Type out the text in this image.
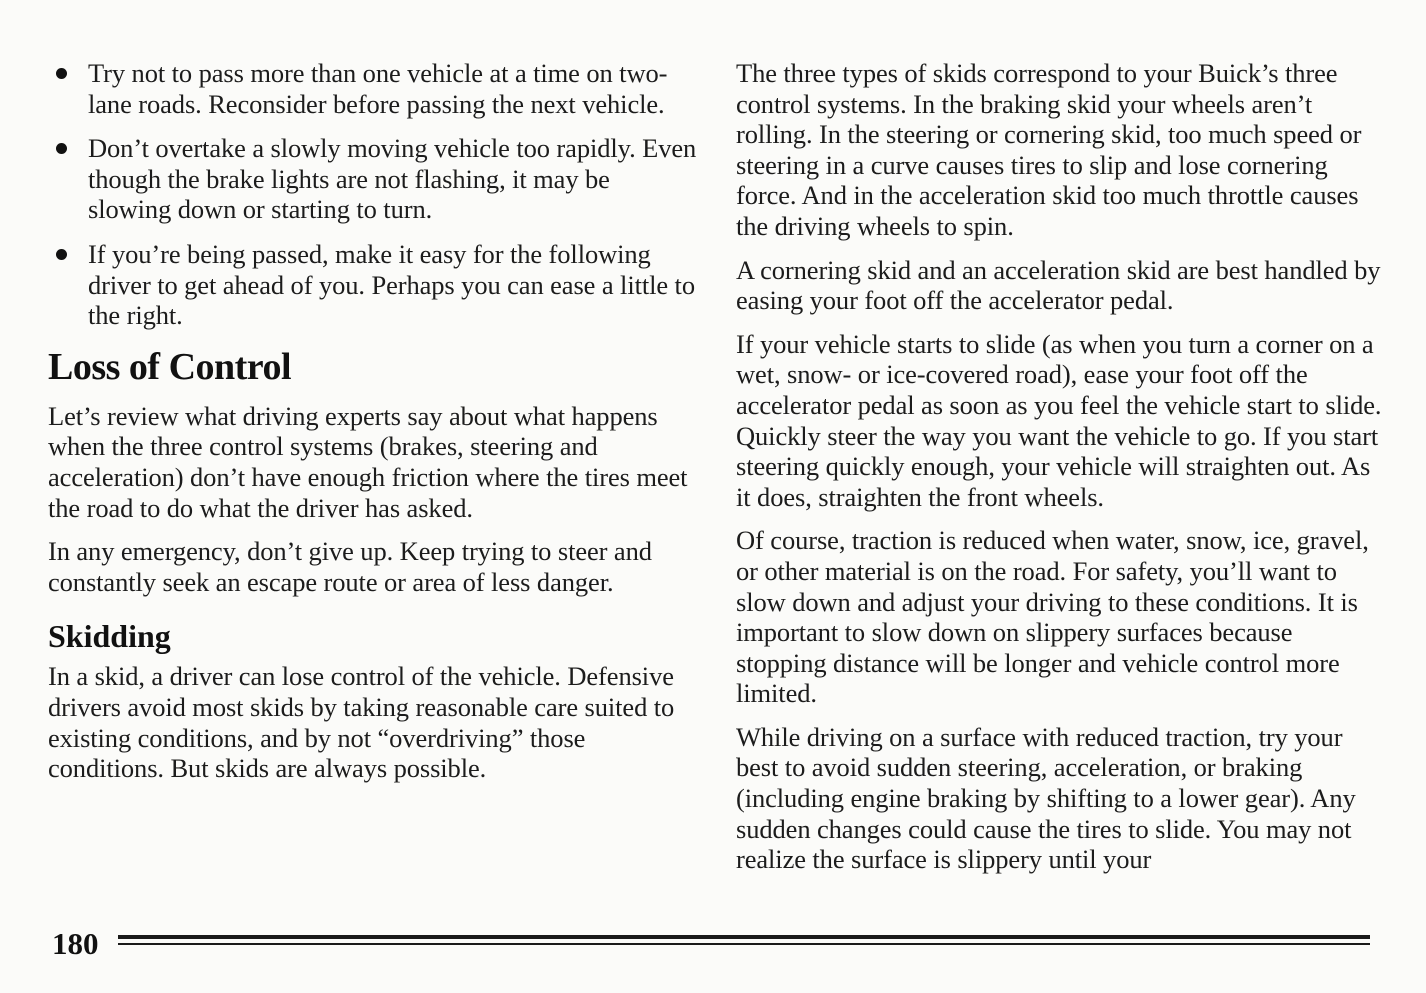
Try not to pass more than one vehicle at a time on two-lane roads. Reconsider before passing the next vehicle.
Don’t overtake a slowly moving vehicle too rapidly. Even though the brake lights are not flashing, it may be slowing down or starting to turn.
If you’re being passed, make it easy for the following driver to get ahead of you. Perhaps you can ease a little to the right.
Loss of Control

Let’s review what driving experts say about what happens when the three control systems (brakes, steering and acceleration) don’t have enough friction where the tires meet the road to do what the driver has asked.

In any emergency, don’t give up. Keep trying to steer and constantly seek an escape route or area of less danger.

Skidding

In a skid, a driver can lose control of the vehicle. Defensive drivers avoid most skids by taking reasonable care suited to existing conditions, and by not “overdriving” those conditions. But skids are always possible.

The three types of skids correspond to your Buick’s three control systems. In the braking skid your wheels aren’t rolling. In the steering or cornering skid, too much speed or steering in a curve causes tires to slip and lose cornering force. And in the acceleration skid too much throttle causes the driving wheels to spin.

A cornering skid and an acceleration skid are best handled by easing your foot off the accelerator pedal.

If your vehicle starts to slide (as when you turn a corner on a wet, snow- or ice-covered road), ease your foot off the accelerator pedal as soon as you feel the vehicle start to slide. Quickly steer the way you want the vehicle to go. If you start steering quickly enough, your vehicle will straighten out. As it does, straighten the front wheels.

Of course, traction is reduced when water, snow, ice, gravel, or other material is on the road. For safety, you’ll want to slow down and adjust your driving to these conditions. It is important to slow down on slippery surfaces because stopping distance will be longer and vehicle control more limited.

While driving on a surface with reduced traction, try your best to avoid sudden steering, acceleration, or braking (including engine braking by shifting to a lower gear). Any sudden changes could cause the tires to slide. You may not realize the surface is slippery until your

180
